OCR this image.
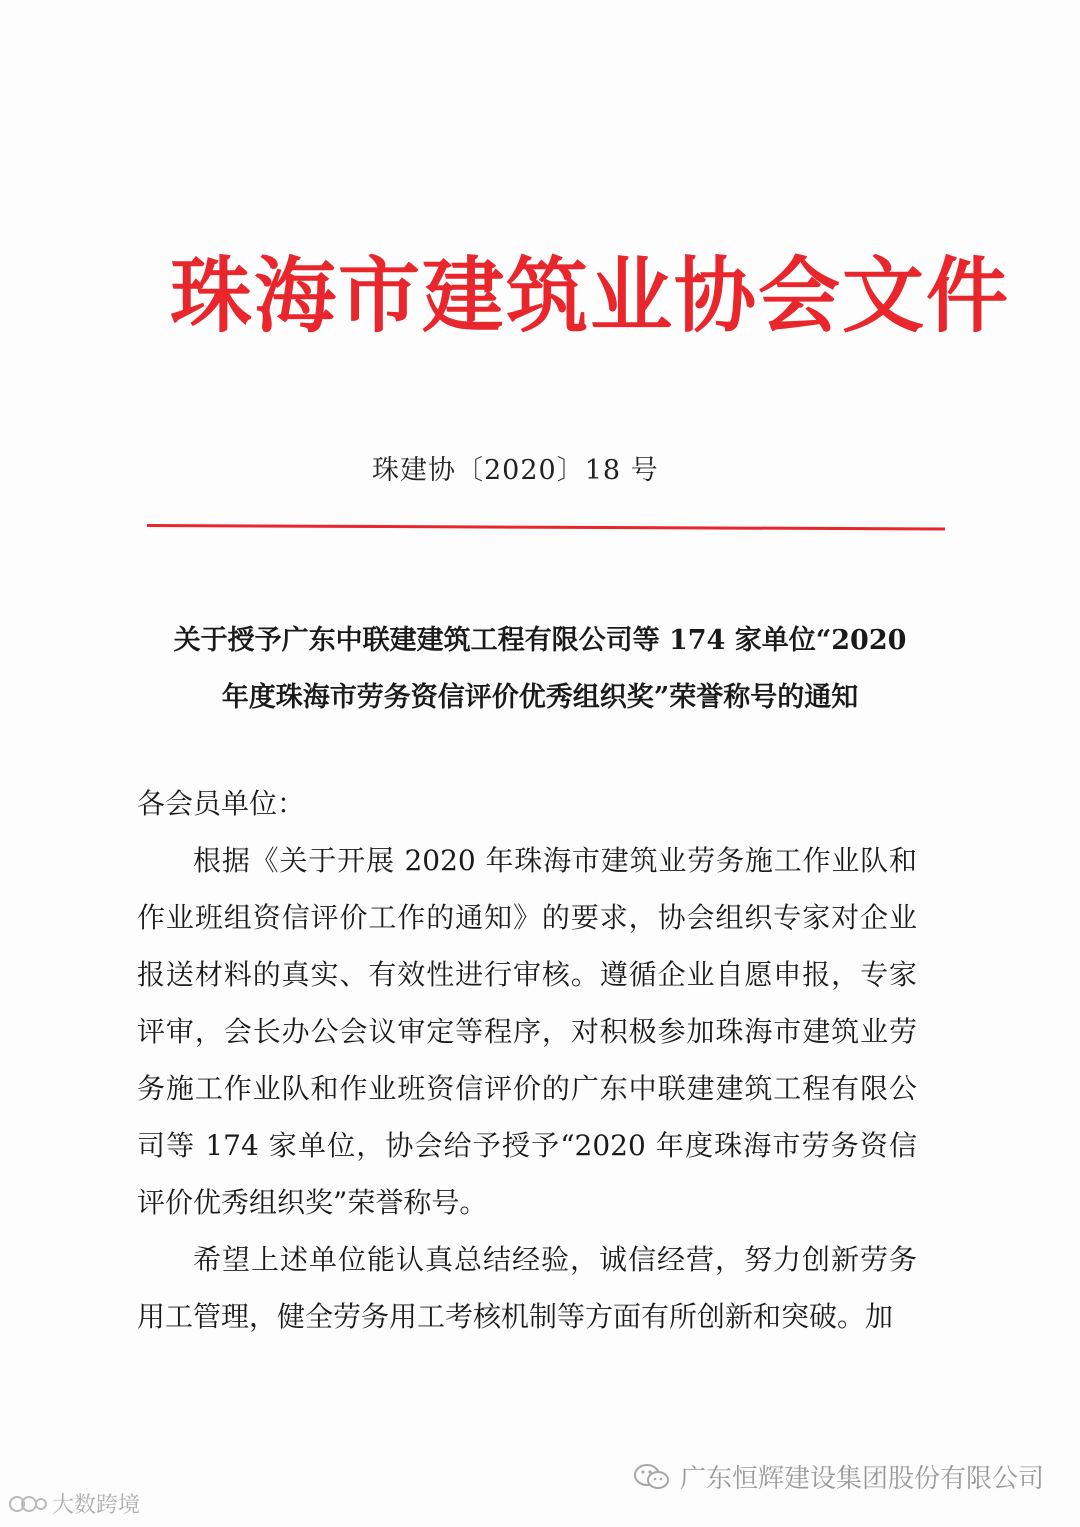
珠海市建筑业协会文件
珠建协〔2020〕18 号
关于授予广东中联建建筑工程有限公司等 174 家单位“2020
年度珠海市劳务资信评价优秀组织奖”荣誉称号的通知

各会员单位：

根据《关于开展 2020 年珠海市建筑业劳务施工作业队和作业班组资信评价工作的通知》的要求，协会组织专家对企业报送材料的真实、有效性进行审核。遵循企业自愿申报，专家评审，会长办公会议审定等程序，对积极参加珠海市建筑业劳务施工作业队和作业班资信评价的广东中联建建筑工程有限公司等 174 家单位，协会给予授予“2020 年度珠海市劳务资信评价优秀组织奖”荣誉称号。

希望上述单位能认真总结经验，诚信经营，努力创新劳务用工管理，健全劳务用工考核机制等方面有所创新和突破。加

广东恒辉建设集团股份有限公司
大数跨境
